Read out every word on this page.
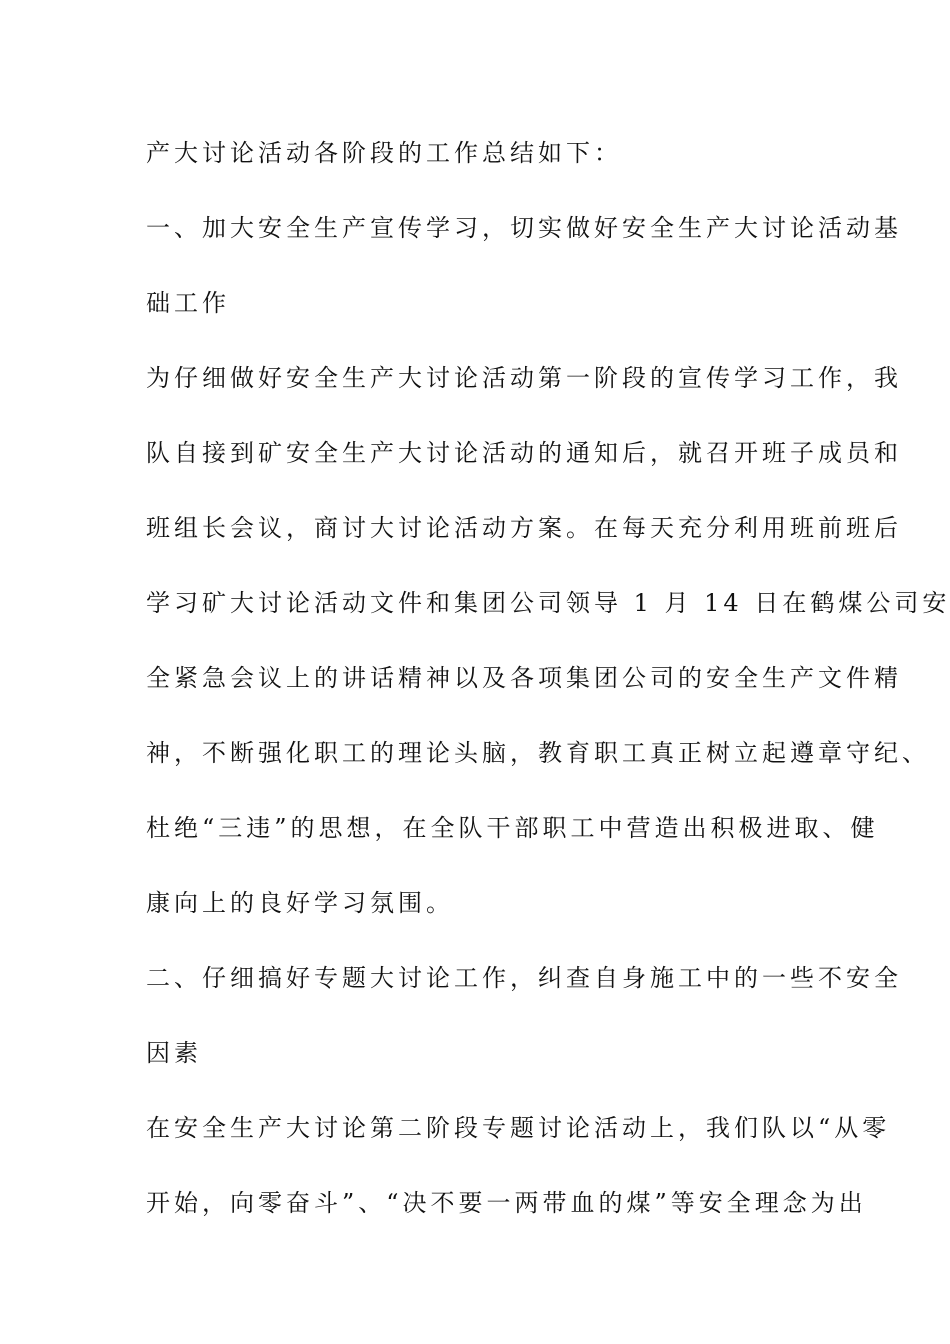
产大讨论活动各阶段的工作总结如下：
一、加大安全生产宣传学习，切实做好安全生产大讨论活动基
础工作
为仔细做好安全生产大讨论活动第一阶段的宣传学习工作，我
队自接到矿安全生产大讨论活动的通知后，就召开班子成员和
班组长会议，商讨大讨论活动方案。在每天充分利用班前班后
学习矿大讨论活动文件和集团公司领导 1 月 14 日在鹤煤公司安
全紧急会议上的讲话精神以及各项集团公司的安全生产文件精
神，不断强化职工的理论头脑，教育职工真正树立起遵章守纪、
杜绝“三违”的思想，在全队干部职工中营造出积极进取、健
康向上的良好学习氛围。
二、仔细搞好专题大讨论工作，纠查自身施工中的一些不安全
因素
在安全生产大讨论第二阶段专题讨论活动上，我们队以“从零
开始，向零奋斗”、“决不要一两带血的煤”等安全理念为出
